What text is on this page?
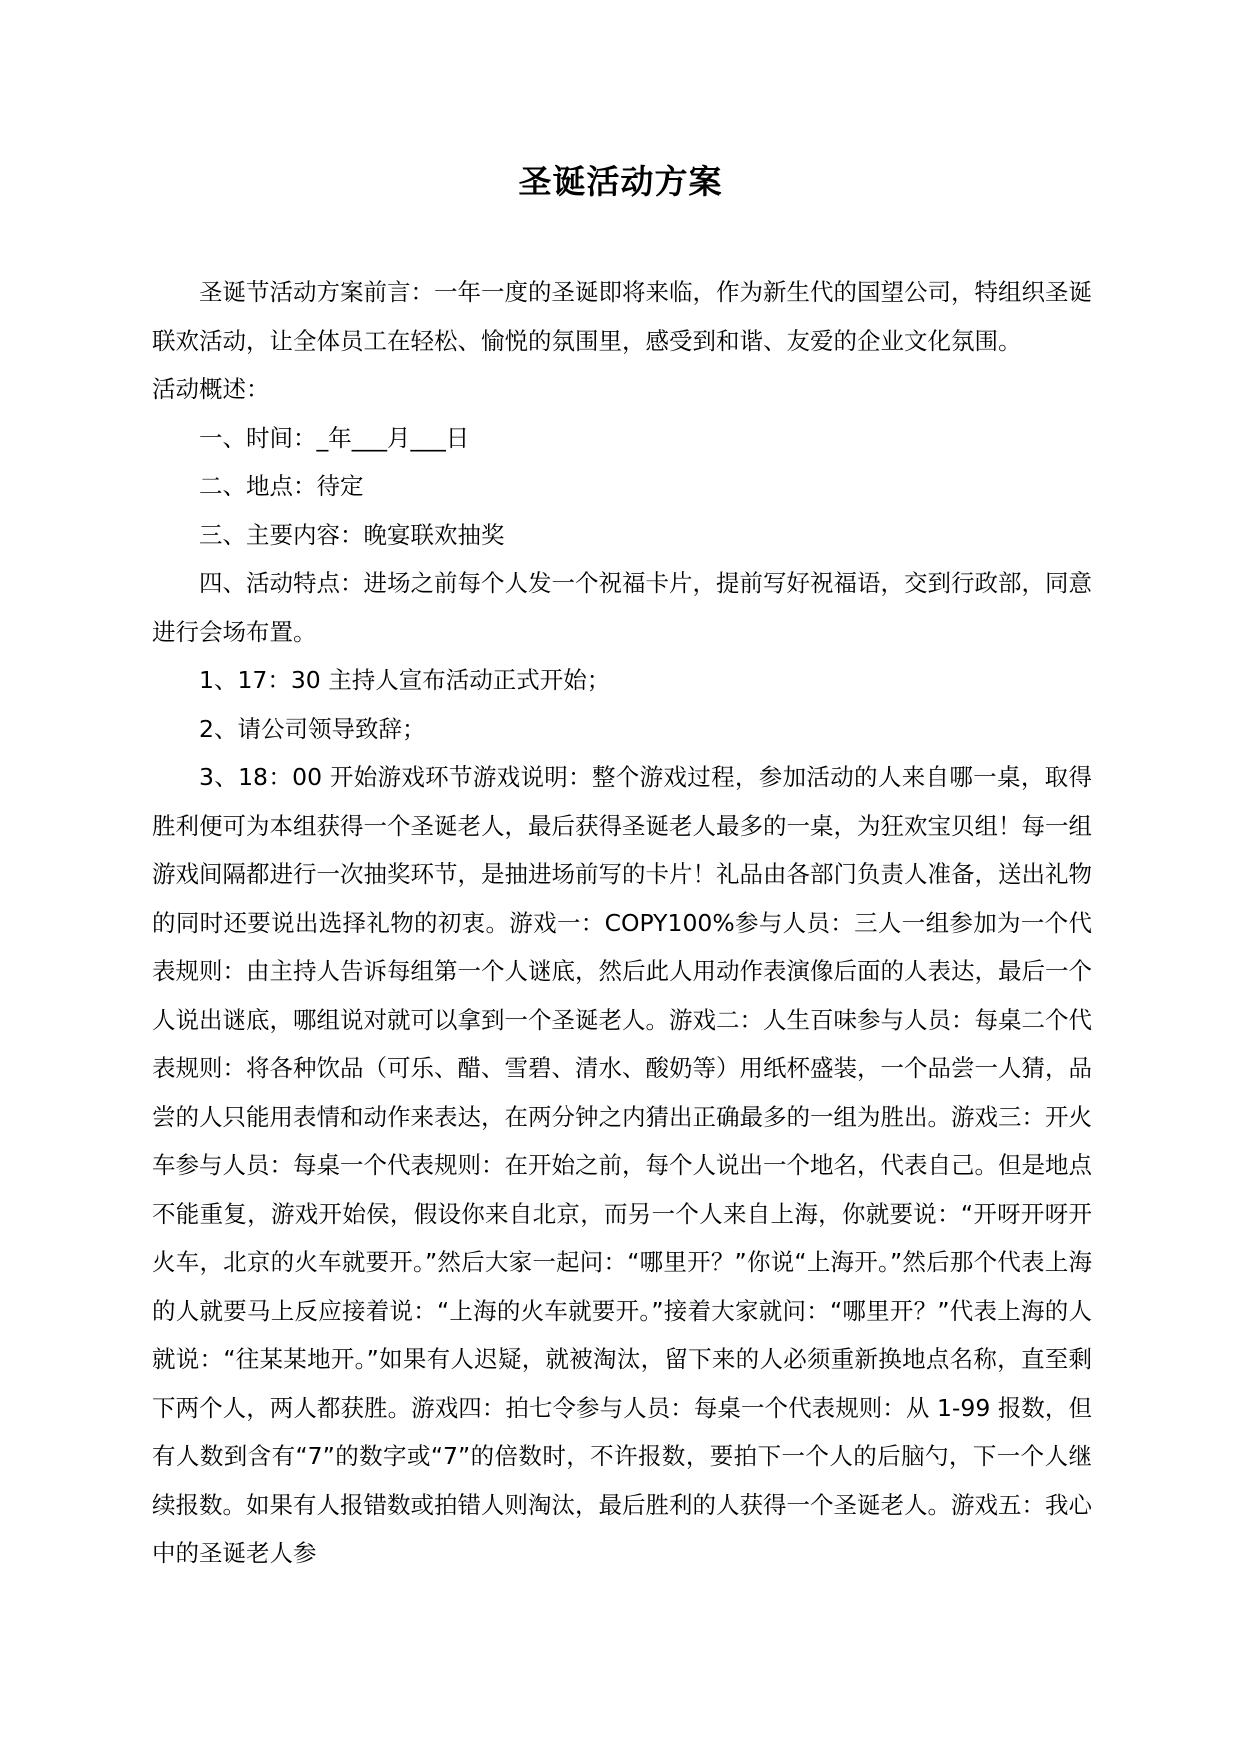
圣诞活动方案

圣诞节活动方案前言：一年一度的圣诞即将来临，作为新生代的国望公司，特组织圣诞联欢活动，让全体员工在轻松、愉悦的氛围里，感受到和谐、友爱的企业文化氛围。

活动概述：

一、时间：_年___月___日

二、地点：待定

三、主要内容：晚宴联欢抽奖

四、活动特点：进场之前每个人发一个祝福卡片，提前写好祝福语，交到行政部，同意进行会场布置。

1、17：30 主持人宣布活动正式开始；

2、请公司领导致辞；

3、18：00 开始游戏环节游戏说明：整个游戏过程，参加活动的人来自哪一桌，取得胜利便可为本组获得一个圣诞老人，最后获得圣诞老人最多的一桌，为狂欢宝贝组！每一组游戏间隔都进行一次抽奖环节，是抽进场前写的卡片！礼品由各部门负责人准备，送出礼物的同时还要说出选择礼物的初衷。游戏一：COPY100%参与人员：三人一组参加为一个代表规则：由主持人告诉每组第一个人谜底，然后此人用动作表演像后面的人表达，最后一个人说出谜底，哪组说对就可以拿到一个圣诞老人。游戏二：人生百味参与人员：每桌二个代表规则：将各种饮品（可乐、醋、雪碧、清水、酸奶等）用纸杯盛装，一个品尝一人猜，品尝的人只能用表情和动作来表达，在两分钟之内猜出正确最多的一组为胜出。游戏三：开火车参与人员：每桌一个代表规则：在开始之前，每个人说出一个地名，代表自己。但是地点不能重复，游戏开始侯，假设你来自北京，而另一个人来自上海，你就要说：“开呀开呀开火车，北京的火车就要开。”然后大家一起问：“哪里开？”你说“上海开。”然后那个代表上海的人就要马上反应接着说：“上海的火车就要开。”接着大家就问：“哪里开？”代表上海的人就说：“往某某地开。”如果有人迟疑，就被淘汰，留下来的人必须重新换地点名称，直至剩下两个人，两人都获胜。游戏四：拍七令参与人员：每桌一个代表规则：从 1-99 报数，但有人数到含有“7”的数字或“7”的倍数时，不许报数，要拍下一个人的后脑勺，下一个人继续报数。如果有人报错数或拍错人则淘汰，最后胜利的人获得一个圣诞老人。游戏五：我心中的圣诞老人参
